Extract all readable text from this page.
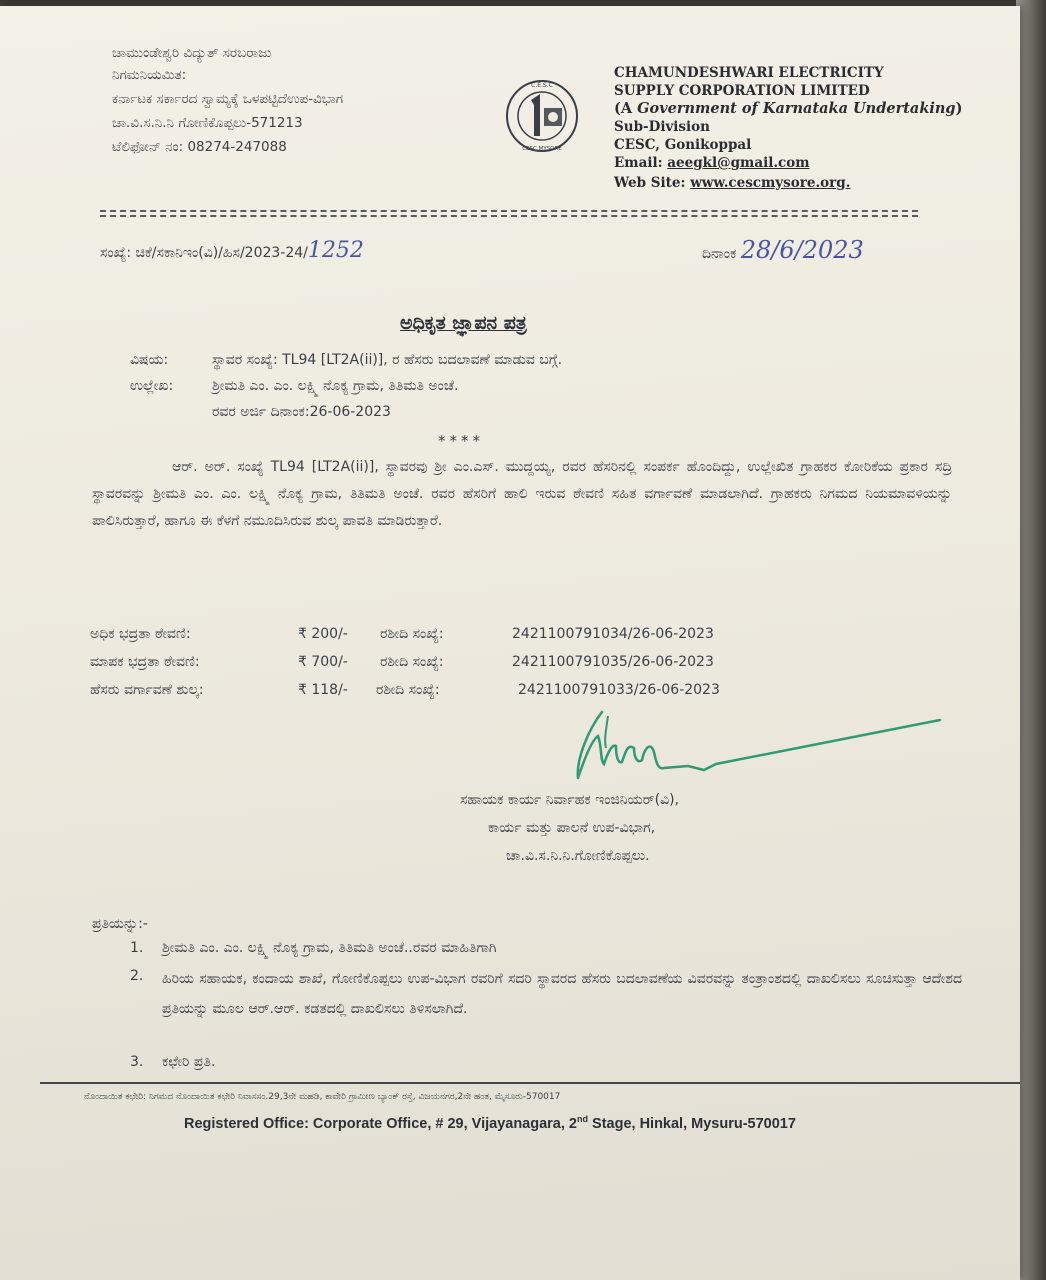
ಚಾಮುಂಡೇಶ್ವರಿ ವಿದ್ಯುತ್ ಸರಬರಾಜು
ನಿಗಮನಿಯಮಿತ:
ಕರ್ನಾಟಕ ಸರ್ಕಾರದ ಸ್ವಾಮ್ಯಕ್ಕೆ ಒಳಪಟ್ಟಿದೆಉಪ-ವಿಭಾಗ
ಚಾ.ವಿ.ಸ.ನಿ.ನಿ ಗೋಣಿಕೊಪ್ಪಲು-571213
ಟೆಲಿಫೋನ್ ನಂ: 08274-247088
C.E.S.C
CESC MYSORE
CHAMUNDESHWARI ELECTRICITY
SUPPLY CORPORATION LIMITED
(A Government of Karnataka Undertaking)
Sub-Division
CESC, Gonikoppal
Email: aeegkl@gmail.com
Web Site: www.cescmysore.org.
ಸಂಖ್ಯೆ: ಚಿಕೆ/ಸಕಾನಿಇಂ(ವಿ)/ಹಿಸ/2023-24/1252	ದಿನಾಂಕ 28/6/2023
ಅಧಿಕೃತ ಜ್ಞಾಪನ ಪತ್ರ
ವಿಷಯ:	ಸ್ಥಾವರ ಸಂಖ್ಯೆ: TL94 [LT2A(ii)], ರ ಹೆಸರು ಬದಲಾವಣೆ ಮಾಡುವ ಬಗ್ಗೆ.
ಉಲ್ಲೇಖ:	ಶ್ರೀಮತಿ ಎಂ. ಎಂ. ಲಕ್ಷ್ಮಿ ನೊಕ್ಯ ಗ್ರಾಮ, ತಿತಿಮತಿ ಅಂಚೆ.
ರವರ ಅರ್ಜಿ ದಿನಾಂಕ:26-06-2023
****
ಆರ್. ಅರ್. ಸಂಖ್ಯೆ TL94 [LT2A(ii)], ಸ್ಥಾವರವು ಶ್ರೀ ಎಂ.ಎಸ್. ಮುದ್ದಯ್ಯ, ರವರ ಹೆಸರಿನಲ್ಲಿ ಸಂಪರ್ಕ ಹೊಂದಿದ್ದು, ಉಲ್ಲೇಖಿತ ಗ್ರಾಹಕರ ಕೋರಿಕೆಯ ಪ್ರಕಾರ ಸದ್ರಿ ಸ್ಥಾವರವನ್ನು ಶ್ರೀಮತಿ ಎಂ. ಎಂ. ಲಕ್ಷ್ಮಿ ನೊಕ್ಯ ಗ್ರಾಮ, ತಿತಿಮತಿ ಅಂಚೆ. ರವರ ಹೆಸರಿಗೆ ಹಾಲಿ ಇರುವ ಠೇವಣಿ ಸಹಿತ ವರ್ಗಾವಣೆ ಮಾಡಲಾಗಿದೆ. ಗ್ರಾಹಕರು ನಿಗಮದ ನಿಯಮಾವಳಿಯನ್ನು ಪಾಲಿಸಿರುತ್ತಾರೆ, ಹಾಗೂ ಈ ಕೆಳಗೆ ನಮೂದಿಸಿರುವ ಶುಲ್ಕ ಪಾವತಿ ಮಾಡಿರುತ್ತಾರೆ.
ಅಧಿಕ ಭದ್ರತಾ ಠೇವಣಿ:	₹ 200/- ರಶೀದಿ ಸಂಖ್ಯೆ:	2421100791034/26-06-2023
ಮಾಪಕ ಭದ್ರತಾ ಠೇವಣಿ:	₹ 700/- ರಶೀದಿ ಸಂಖ್ಯೆ:	2421100791035/26-06-2023
ಹೆಸರು ವರ್ಗಾವಣೆ ಶುಲ್ಕ:	₹ 118/- ರಶೀದಿ ಸಂಖ್ಯೆ:	2421100791033/26-06-2023
ಸಹಾಯಕ ಕಾರ್ಯ ನಿರ್ವಾಹಕ ಇಂಜಿನಿಯರ್(ವಿ),
ಕಾರ್ಯ ಮತ್ತು ಪಾಲನೆ ಉಪ-ವಿಭಾಗ,
ಚಾ.ವಿ.ಸ.ನಿ.ನಿ.ಗೋಣಿಕೊಪ್ಪಲು.
ಪ್ರತಿಯನ್ನು:-
1. ಶ್ರೀಮತಿ ಎಂ. ಎಂ. ಲಕ್ಷ್ಮಿ ನೊಕ್ಯ ಗ್ರಾಮ, ತಿತಿಮತಿ ಅಂಚೆ..ರವರ ಮಾಹಿತಿಗಾಗಿ
2. ಹಿರಿಯ ಸಹಾಯಕ, ಕಂದಾಯ ಶಾಖೆ, ಗೋಣಿಕೊಪ್ಪಲು ಉಪ-ವಿಭಾಗ ರವರಿಗೆ ಸದರಿ ಸ್ಥಾವರದ ಹೆಸರು ಬದಲಾವಣೆಯ ವಿವರವನ್ನು ತಂತ್ರಾಂಶದಲ್ಲಿ ದಾಖಲಿಸಲು ಸೂಚಿಸುತ್ತಾ ಆದೇಶದ ಪ್ರತಿಯನ್ನು ಮೂಲ ಆರ್.ಆರ್. ಕಡತದಲ್ಲಿ ದಾಖಲಿಸಲು ತಿಳಿಸಲಾಗಿದೆ.
3. ಕಛೇರಿ ಪ್ರತಿ.
ನೊಂದಾಯಿತ ಕಛೇರಿ: ನಿಗಮದ ನೊಂದಾಯಿತ ಕಛೇರಿ ನಿವಾಸಸಂ.29,3ನೇ ಮಹಡಿ, ಕಾವೇರಿ ಗ್ರಾಮೀಣ ಬ್ಯಾಂಕ್ ರಸ್ತೆ, ವಿಜಯನಗರ,2ನೇ ಹಂತ, ಮೈಸೂರು-570017
Registered Office: Corporate Office, # 29, Vijayanagara, 2nd Stage, Hinkal, Mysuru-570017
